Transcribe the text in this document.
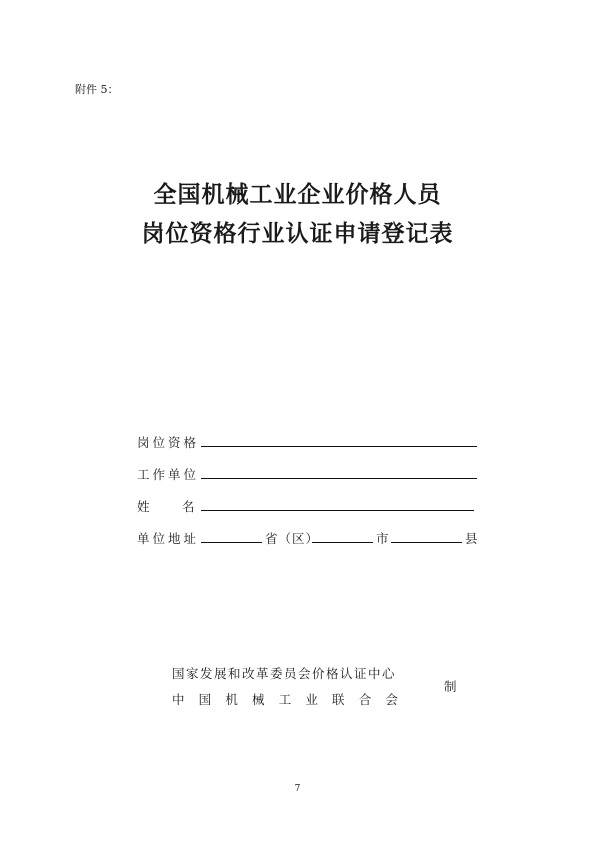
附件 5：
全国机械工业企业价格人员
岗位资格行业认证申请登记表
岗位资格
工作单位
姓 名
单位地址	省（区）	市	县
国家发展和改革委员会价格认证中心
中 国 机 械 工 业 联 合 会
制
7
